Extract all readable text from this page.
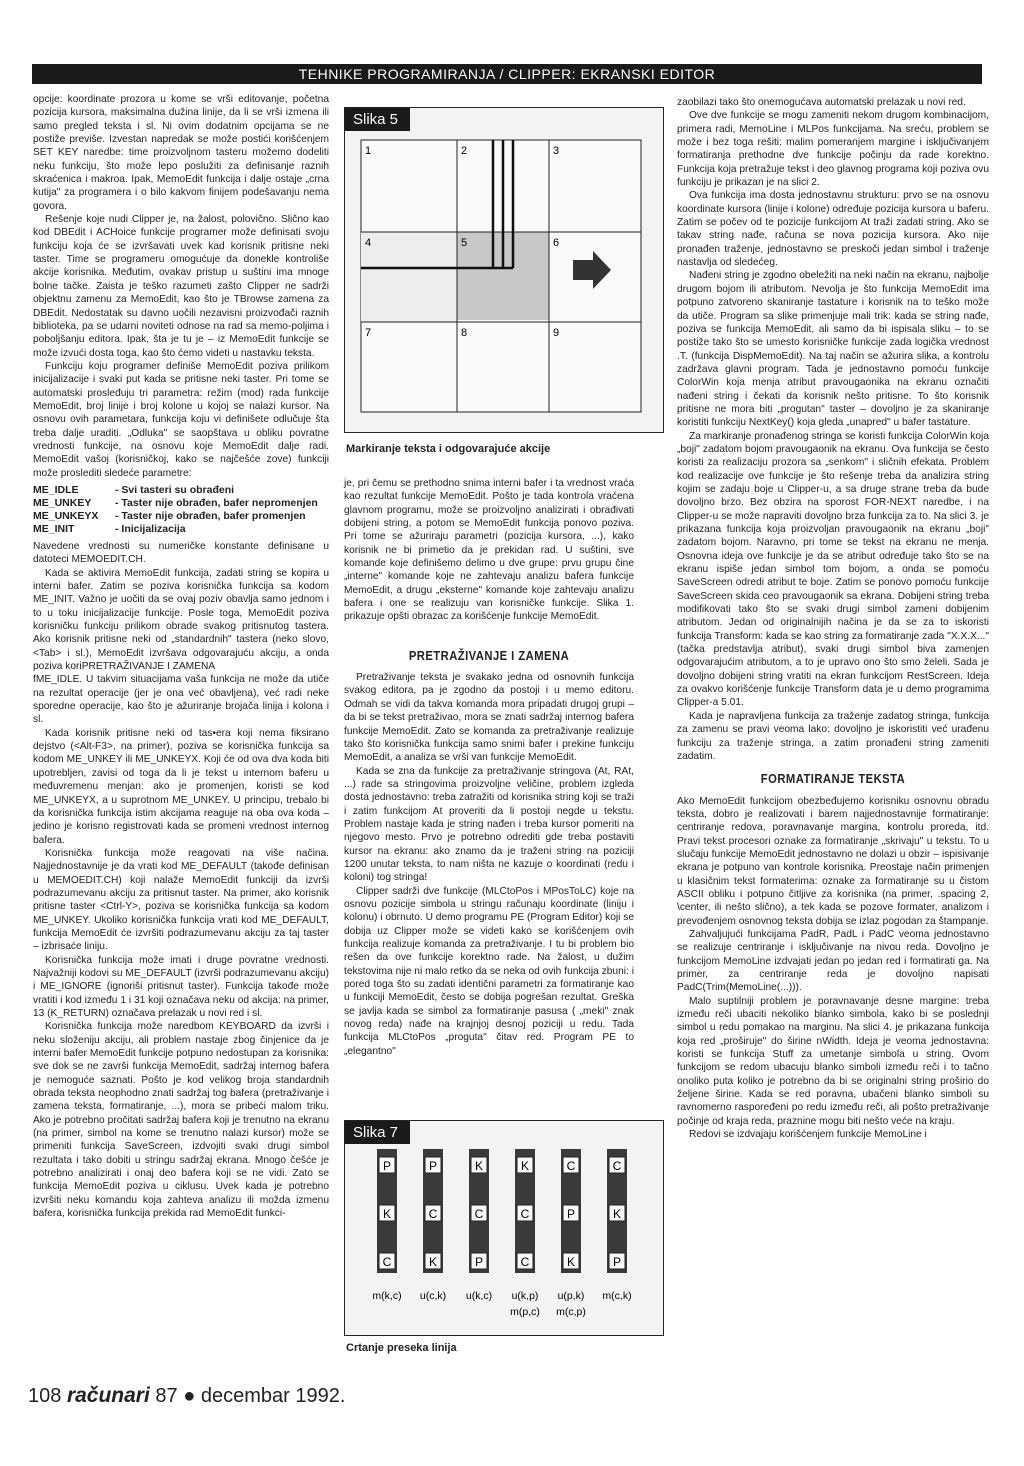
TEHNIKE PROGRAMIRANJA / CLIPPER: EKRANSKI EDITOR

opcije: koordinate prozora u kome se vrši editovanje, početna pozicija kursora, maksimalna dužina linije, da li se vrši izmena ili samo pregled teksta i sl. Ni ovim dodatnim opcijama se ne postiže previše. Izvestan napredak se može postići korišćenjem SET KEY naredbe: time proizvoljnom tasteru možemo dodeliti neku funkciju, što može lepo poslužiti za definisanje raznih skraćenica i makroa. Ipak, MemoEdit funkcija i dalje ostaje „crna kutija" za programera i o bilo kakvom finijem podešavanju nema govora.

Rešenje koje nudi Clipper je, na žalost, polovično. Slično kao kod DBEdit i ACHoice funkcije programer može definisati svoju funkciju koja će se izvršavati uvek kad korisnik pritisne neki taster. Time se programeru omogućuje da donekle kontroliše akcije korisnika. Međutim, ovakav pristup u suštini ima mnoge bolne tačke. Zaista je teško razumeti zašto Clipper ne sadrži objektnu zamenu za MemoEdit, kao što je TBrowse zamena za DBEdit. Nedostatak su davno uočili nezavisni proizvođači raznih biblioteka, pa se udarni noviteti odnose na rad sa memo-poljima i poboljšanju editora. Ipak, šta je tu je – iz MemoEdit funkcije se može izvući dosta toga, kao što ćemo videti u nastavku teksta.

Funkciju koju programer definiše MemoEdit poziva prilikom inicijalizacije i svaki put kada se pritisne neki taster. Pri tome se automatski prosleđuju tri parametra: režim (mod) rada funkcije MemoEdit, broj linije i broj kolone u kojoj se nalazi kursor. Na osnovu ovih parametara, funkcija koju vi definišete odlučuje šta treba dalje uraditi. „Odluka" se saopštava u obliku povratne vrednosti funkcije, na osnovu koje MemoEdit dalje radi. MemoEdit vašoj (korisničkoj, kako se najčešće zove) funkciji može proslediti sledeće parametre:

ME_IDLE	- Svi tasteri su obrađeni
ME_UNKEY	- Taster nije obrađen, bafer nepromenjen
ME_UNKEYX	- Taster nije obrađen, bafer promenjen
ME_INIT	- Inicijalizacija

Navedene vrednosti su numeričke konstante definisane u datoteci MEMOEDIT.CH.

Kada se aktivira MemoEdit funkcija, zadati string se kopira u interni bafer. Zatim se poziva korisnička funkcija sa kodom ME_INIT. Važno je uočiti da se ovaj poziv obavlja samo jednom i to u toku inicijalizacije funkcije. Posle toga, MemoEdit poziva korisničku funkciju prilikom obrade svakog pritisnutog tastera. Ako korisnik pritisne neki od „standardnih" tastera (neko slovo, <Tab> i sl.), MemoEdit izvršava odgovarajuću akciju, a onda poziva koriPRETRAŽIVANJE I ZAMENA

fME_IDLE. U takvim situacijama vaša funkcija ne može da utiče na rezultat operacije (jer je ona već obavljena), već radi neke sporedne operacije, kao što je ažuriranje brojača linija i kolona i sl.

Kada korisnik pritisne neki od tas•era koji nema fiksirano dejstvo (<Alt-F3>, na primer), poziva se korisnička funkcija sa kodom ME_UNKEY ili ME_UNKEYX. Koji će od ova dva koda biti upotrebljen, zavisi od toga da li je tekst u internom baferu u međuvremenu menjan: ako je promenjen, koristi se kod ME_UNKEYX, a u suprotnom ME_UNKEY. U principu, trebalo bi da korisnička funkcija istim akcijama reaguje na oba ova koda – jedino je korisno registrovati kada se promeni vrednost internog bafera.

Korisnička funkcija može reagovati na više načina. Najjednostavnije je da vrati kod ME_DEFAULT (takođe definisan u MEMOEDIT.CH) koji nalaže MemoEdit funkciji da izvrši podrazumevanu akciju za pritisnut taster. Na primer, ako korisnik pritisne taster <Ctrl-Y>, poziva se korisnička funkcija sa kodom ME_UNKEY. Ukoliko korisnička funkcija vrati kod ME_DEFAULT, funkcija MemoEdit će izvršiti podrazumevanu akciju za taj taster – izbrisaće liniju.

Korisnička funkcija može imati i druge povratne vrednosti. Najvažniji kodovi su ME_DEFAULT (izvrši podrazumevanu akciju) i ME_IGNORE (ignoriši pritisnut taster). Funkcija takođe može vratiti i kod između 1 i 31 koji označava neku od akcija: na primer, 13 (K_RETURN) označava prelazak u novi red i sl.

Korisnička funkcija može naredbom KEYBOARD da izvrši i neku složeniju akciju, ali problem nastaje zbog činjenice da je interni bafer MemoEdit funkcije potpuno nedostupan za korisnika: sve dok se ne završi funkcija MemoEdit, sadržaj internog bafera je nemoguće saznati. Pošto je kod velikog broja standardnih obrada teksta neophodno znati sadržaj tog bafera (pretraživanje i zamena teksta, formatiranje, ...), mora se pribeći malom triku. Ako je potrebno pročitati sadržaj bafera koji je trenutno na ekranu (na primer, simbol na kome se trenutno nalazi kursor) može se primeniti funkcija SaveScreen, izdvojiti svaki drugi simbol rezultata i tako dobiti u stringu sadržaj ekrana. Mnogo češće je potrebno analizirati i onaj deo bafera koji se ne vidi. Zato se funkcija MemoEdit poziva u ciklusu. Uvek kada je potrebno izvršiti neku komandu koja zahteva analizu ili možda izmenu bafera, korisnička funkcija prekida rad MemoEdit funkci-

Slika 5
1	2	3
4	5	6
7	8	9
Markiranje teksta i odgovarajuće akcije

je, pri čemu se prethodno snima interni bafer i ta vrednost vraća kao rezultat funkcije MemoEdit. Pošto je tada kontrola vraćena glavnom programu, može se proizvoljno analizirati i obrađivati dobijeni string, a potom se MemoEdit funkcija ponovo poziva. Pri tome se ažuriraju parametri (pozicija kursora, ...), kako korisnik ne bi primetio da je prekidan rad. U suštini, sve komande koje definišemo delimo u dve grupe: prvu grupu čine „interne" komande koje ne zahtevaju analizu bafera funkcije MemoEdit, a drugu „eksterne" komande koje zahtevaju analizu bafera i one se realizuju van korisničke funkcije. Slika 1. prikazuje opšti obrazac za korišćenje funkcije MemoEdit.

PRETRAŽIVANJE I ZAMENA

Pretraživanje teksta je svakako jedna od osnovnih funkcija svakog editora, pa je zgodno da postoji i u memo editoru. Odmah se vidi da takva komanda mora pripadati drugoj grupi – da bi se tekst pretraživao, mora se znati sadržaj internog bafera funkcije MemoEdit. Zato se komanda za pretraživanje realizuje tako što korisnička funkcija samo snimi bafer i prekine funkciju MemoEdit, a analiza se vrši van funkcije MemoEdit.

Kada se zna da funkcije za pretraživanje stringova (At, RAt, ...) rade sa stringovima proizvoljne veličine, problem izgleda dosta jednostavno: treba zatražiti od korisnika string koji se traži i zatim funkcijom At proveriti da li postoji negde u tekstu. Problem nastaje kada je string nađen i treba kursor pomeriti na njegovo mesto. Prvo je potrebno odrediti gde treba postaviti kursor na ekranu: ako znamo da je traženi string na poziciji 1200 unutar teksta, to nam ništa ne kazuje o koordinati (redu i koloni) tog stringa!

Clipper sadrži dve funkcije (MLCtoPos i MPosToLC) koje na osnovu pozicije simbola u stringu računaju koordinate (liniju i kolonu) i obrnuto. U demo programu PE (Program Editor) koji se dobija uz Clipper može se videti kako se korišćenjem ovih funkcija realizuje komanda za pretraživanje. I tu bi problem bio rešen da ove funkcije korektno rade. Na žalost, u dužim tekstovima nije ni malo retko da se neka od ovih funkcija zbuni: i pored toga što su zadati identični parametri za formatiranje kao u funkciji MemoEdit, često se dobija pogrešan rezultat. Greška se javlja kada se simbol za formatiranje pasusa ( „meki" znak novog reda) nađe na krajnjoj desnoj poziciji u redu. Tada funkcija MLCtoPos „proguta" čitav red. Program PE to „elegantno"

Slika 7
P
K
C
m(k,c)
P
C
K
u(c,k)
K
C
P
u(k,c)
K
C
C
u(k,p)
C
P
K
u(p,k)
C
K
P
m(c,k)
m(p,c) m(c,p)
Crtanje preseka linija

zaobilazi tako što onemogućava automatski prelazak u novi red.

Ove dve funkcije se mogu zameniti nekom drugom kombinacijom, primera radi, MemoLine i MLPos funkcijama. Na sreću, problem se može i bez toga rešiti: malim pomeranjem margine i isključivanjem formatiranja prethodne dve funkcije počinju da rade korektno. Funkcija koja pretražuje tekst i deo glavnog programa koji poziva ovu funkciju je prikazan je na slici 2.

Ova funkcija ima dosta jednostavnu strukturu: prvo se na osnovu koordinate kursora (linije i kolone) određuje pozicija kursora u baferu. Zatim se počev od te pozicije funkcijom At traži zadati string. Ako se takav string nađe, računa se nova pozicija kursora. Ako nije pronađen traženje, jednostavno se preskoči jedan simbol i traženje nastavlja od sledećeg.

Nađeni string je zgodno obeležiti na neki način na ekranu, najbolje drugom bojom ili atributom. Nevolja je što funkcija MemoEdit ima potpuno zatvoreno skaniranje tastature i korisnik na to teško može da utiče. Program sa slike primenjuje mali trik: kada se string nađe, poziva se funkcija MemoEdit, ali samo da bi ispisala sliku – to se postiže tako što se umesto korisničke funkcije zada logička vrednost .T. (funkcija DispMemoEdit). Na taj način se ažurira slika, a kontrolu zadržava glavni program. Tada je jednostavno pomoću funkcije ColorWin koja menja atribut pravougaonika na ekranu označiti nađeni string i čekati da korisnik nešto pritisne. To što korisnik pritisne ne mora biti „progutan" taster – dovoljno je za skaniranje koristiti funkciju NextKey() koja gleda „unapred" u bafer tastature.

Za markiranje pronađenog stringa se koristi funkcija ColorWin koja „boji" zadatom bojom pravougaonik na ekranu. Ova funkcija se često koristi za realizaciju prozora sa „senkom" i sličnih efekata. Problem kod realizacije ove funkcije je što rešenje treba da analizira string kojim se zadaju boje u Clipper-u, a sa druge strane treba da bude dovoljno brzo. Bez obzira na sporost FOR-NEXT naredbe, i na Clipper-u se može napraviti dovoljno brza funkcija za to. Na slici 3. je prikazana funkcija koja proizvoljan pravougaonik na ekranu „boji" zadatom bojom. Naravno, pri tome se tekst na ekranu ne menja. Osnovna ideja ove funkcije je da se atribut određuje tako što se na ekranu ispiše jedan simbol tom bojom, a onda se pomoću SaveScreen odredi atribut te boje. Zatim se ponovo pomoću funkcije SaveScreen skida ceo pravougaonik sa ekrana. Dobijeni string treba modifikovati tako što se svaki drugi simbol zameni dobijenim atributom. Jedan od originalnijih načina je da se za to iskoristi funkcija Transform: kada se kao string za formatiranje zada "X.X.X..." (tačka predstavlja atribut), svaki drugi simbol biva zamenjen odgovarajućim atributom, a to je upravo ono što smo želeli. Sada je dovoljno dobijeni string vratiti na ekran funkcijom RestScreen. Ideja za ovakvo korišćenje funkcije Transform data je u demo programima Clipper-a 5.01.

Kada je napravljena funkcija za traženje zadatog stringa, funkcija za zamenu se pravi veoma lako: dovoljno je iskoristiti već urađenu funkciju za traženje stringa, a zatim pronađeni string zameniti zadatim.

FORMATIRANJE TEKSTA

Ako MemoEdit funkcijom obezbeđujemo korisniku osnovnu obradu teksta, dobro je realizovati i barem najjednostavnije formatiranje: centriranje redova, poravnavanje margina, kontrolu proreda, itd. Pravi tekst procesori oznake za formatiranje „skrivaju" u tekstu. To u slučaju funkcije MemoEdit jednostavno ne dolazi u obzir – ispisivanje ekrana je potpuno van kontrole korisnika. Preostaje način primenjen u klasičnim tekst formaterima: oznake za formatiranje su u čistom ASCII obliku i potpuno čitljive za korisnika (na primer, .spacing 2, \center, ili nešto slično), a tek kada se pozove formater, analizom i prevođenjem osnovnog teksta dobija se izlaz pogodan za štampanje.

Zahvaljujući funkcijama PadR, PadL i PadC veoma jednostavno se realizuje centriranje i isključivanje na nivou reda. Dovoljno je funkcijom MemoLine izdvajati jedan po jedan red i formatirati ga. Na primer, za centriranje reda je dovoljno napisati PadC(Trim(MemoLine(...))).

Malo suptilniji problem je poravnavanje desne margine: treba između reči ubaciti nekoliko blanko simbola, kako bi se poslednji simbol u redu pomakao na marginu. Na slici 4. je prikazana funkcija koja red „proširuje" do širine nWidth. Ideja je veoma jednostavna: koristi se funkcija Stuff za umetanje simbola u string. Ovom funkcijom se redom ubacuju blanko simboli između reči i to tačno onoliko puta koliko je potrebno da bi se originalni string proširio do željene širine. Kada se red poravna, ubačeni blanko simboli su ravnomerno raspoređeni po redu između reči, ali pošto pretraživanje počinje od kraja reda, praznine mogu biti nešto veće na kraju.

Redovi se izdvajaju korišćenjem funkcije MemoLine i

108 računari 87 ● decembar 1992.
